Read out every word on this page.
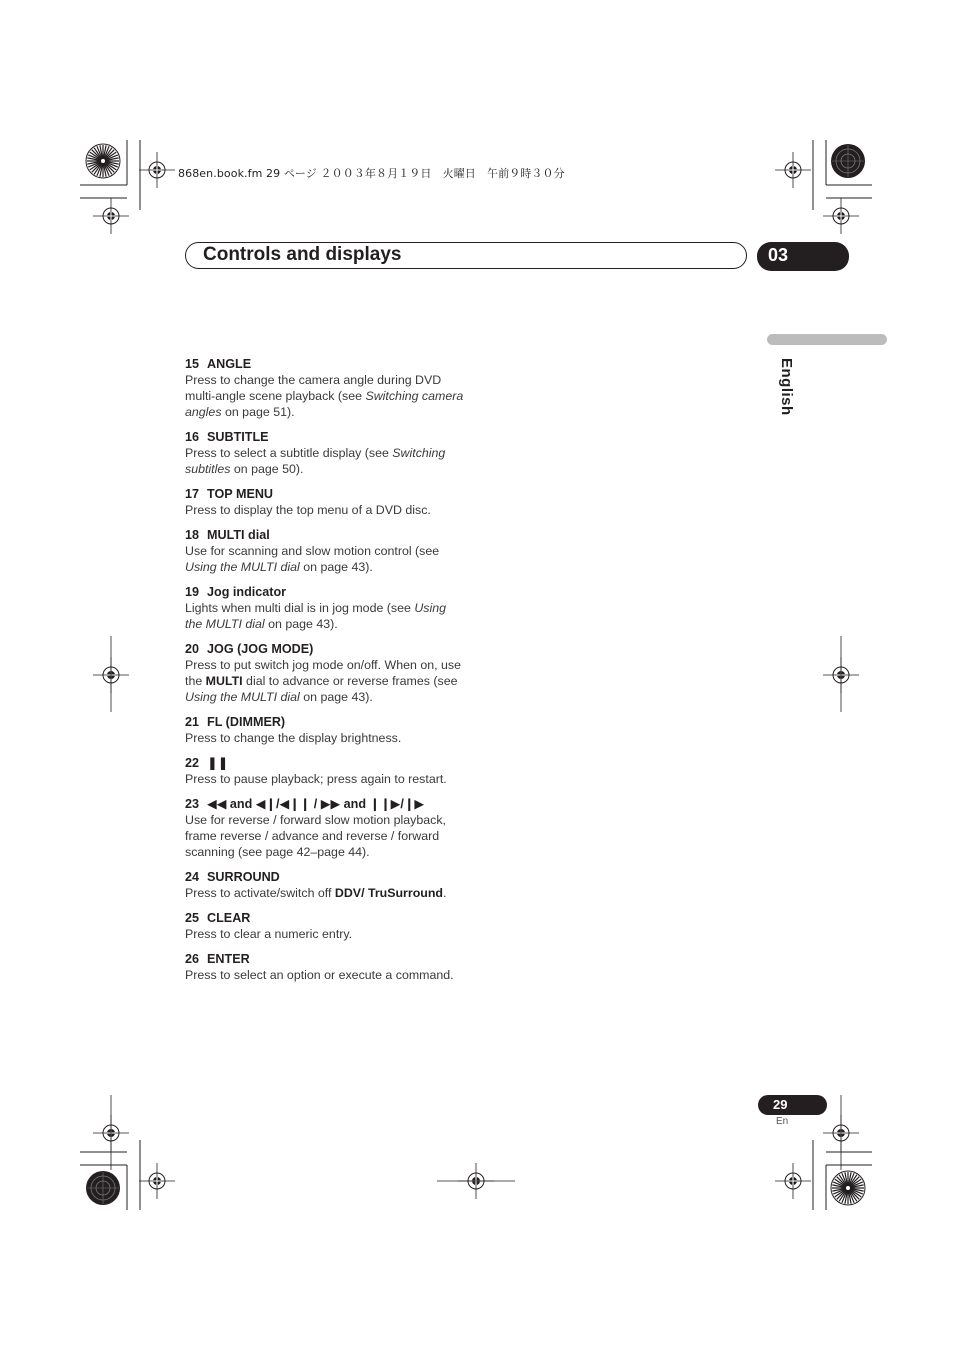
868en.book.fm 29 ページ ２００３年８月１９日　火曜日　午前９時３０分
Controls and displays	03
English
15 ANGLE
Press to change the camera angle during DVD multi-angle scene playback (see Switching camera angles on page 51).
16 SUBTITLE
Press to select a subtitle display (see Switching subtitles on page 50).
17 TOP MENU
Press to display the top menu of a DVD disc.
18 MULTI dial
Use for scanning and slow motion control (see Using the MULTI dial on page 43).
19 Jog indicator
Lights when multi dial is in jog mode (see Using the MULTI dial on page 43).
20 JOG (JOG MODE)
Press to put switch jog mode on/off. When on, use the MULTI dial to advance or reverse frames (see Using the MULTI dial on page 43).
21 FL (DIMMER)
Press to change the display brightness.
22 ❚❚
Press to pause playback; press again to restart.
23 ◀◀ and ◀❙/◀❙❙ / ▶▶ and ❙❙▶/❙▶
Use for reverse / forward slow motion playback, frame reverse / advance and reverse / forward scanning (see page 42–page 44).
24 SURROUND
Press to activate/switch off DDV/ TruSurround.
25 CLEAR
Press to clear a numeric entry.
26 ENTER
Press to select an option or execute a command.
29
En
